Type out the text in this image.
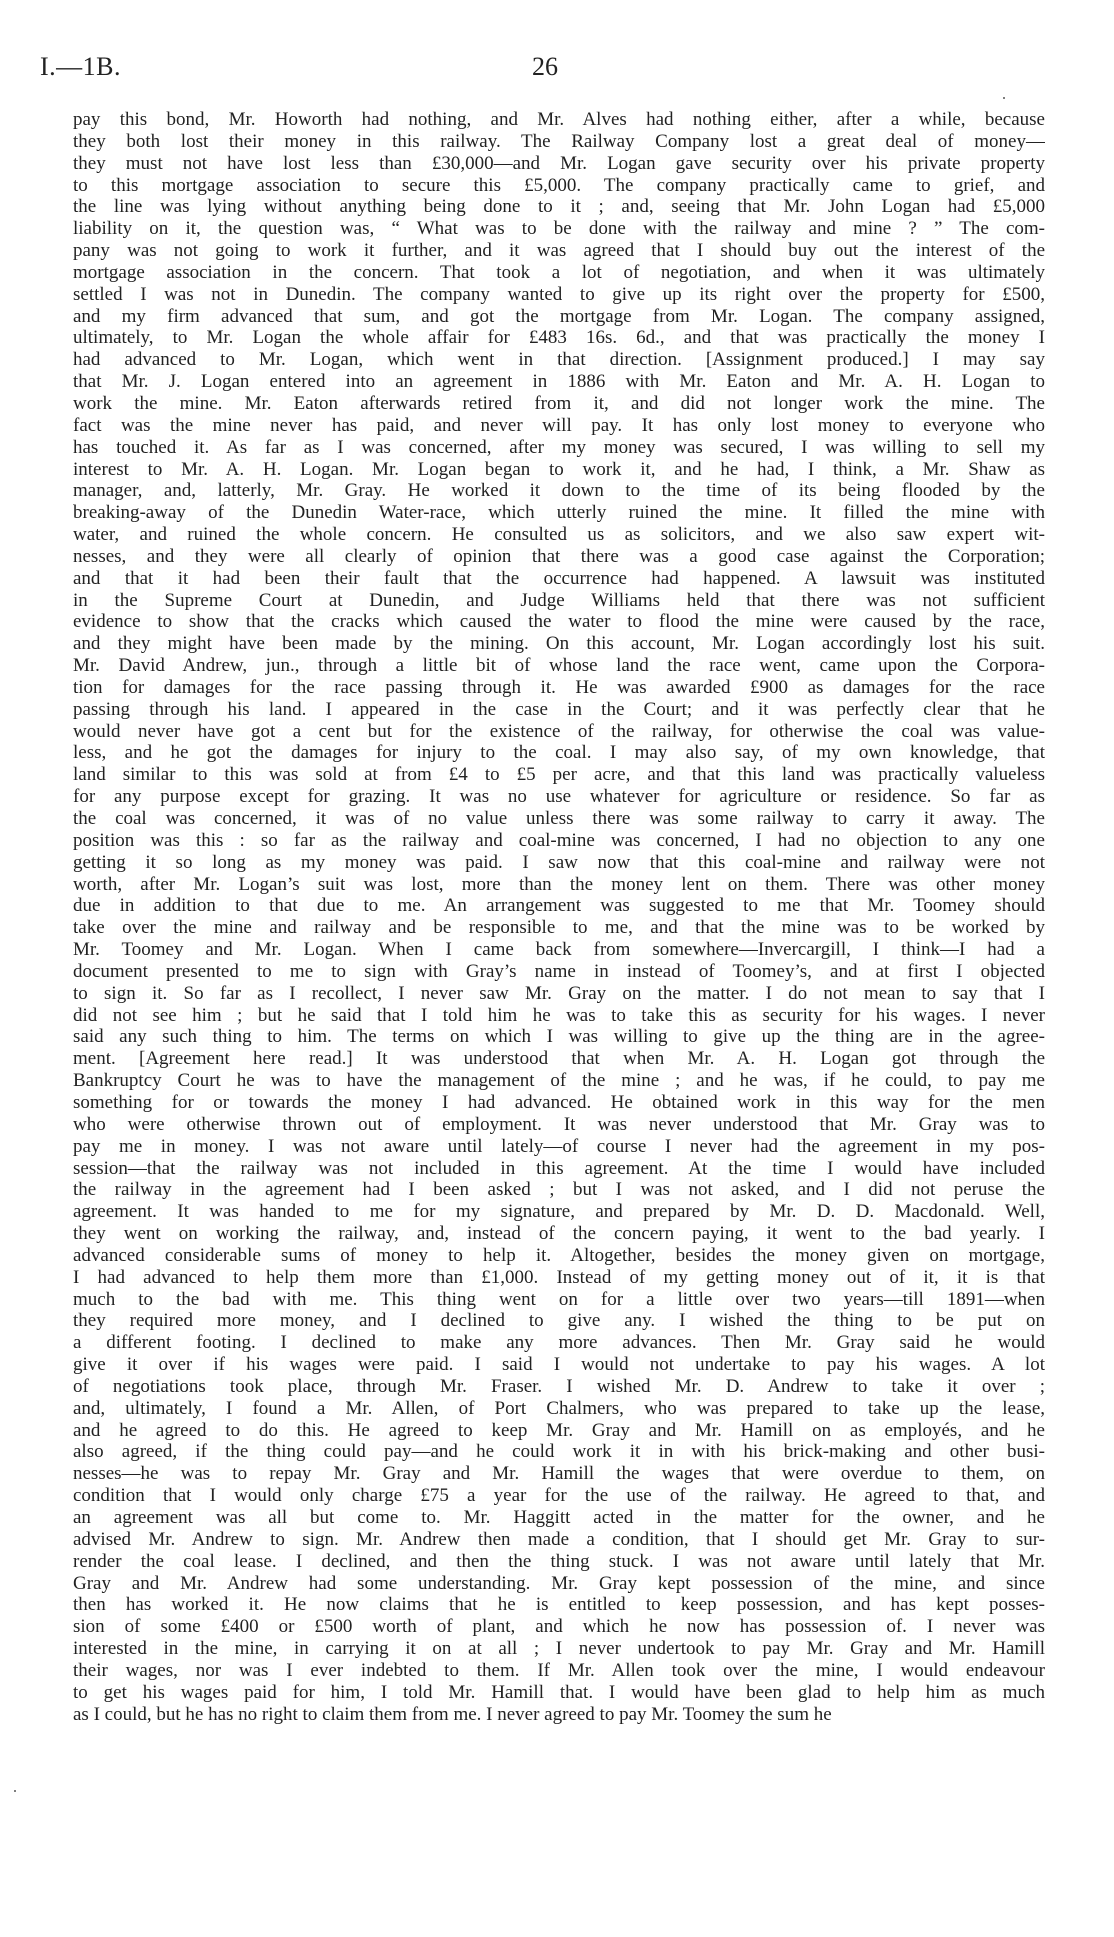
I.—1B.	26
pay this bond, Mr. Howorth had nothing, and Mr. Alves had nothing either, after a while, because
they both lost their money in this railway. The Railway Company lost a great deal of money—
they must not have lost less than £30,000—and Mr. Logan gave security over his private property
to this mortgage association to secure this £5,000. The company practically came to grief, and
the line was lying without anything being done to it ; and, seeing that Mr. John Logan had £5,000
liability on it, the question was, “ What was to be done with the railway and mine ? ” The com-
pany was not going to work it further, and it was agreed that I should buy out the interest of the
mortgage association in the concern. That took a lot of negotiation, and when it was ultimately
settled I was not in Dunedin. The company wanted to give up its right over the property for £500,
and my firm advanced that sum, and got the mortgage from Mr. Logan. The company assigned,
ultimately, to Mr. Logan the whole affair for £483 16s. 6d., and that was practically the money I
had advanced to Mr. Logan, which went in that direction. [Assignment produced.] I may say
that Mr. J. Logan entered into an agreement in 1886 with Mr. Eaton and Mr. A. H. Logan to
work the mine. Mr. Eaton afterwards retired from it, and did not longer work the mine. The
fact was the mine never has paid, and never will pay. It has only lost money to everyone who
has touched it. As far as I was concerned, after my money was secured, I was willing to sell my
interest to Mr. A. H. Logan. Mr. Logan began to work it, and he had, I think, a Mr. Shaw as
manager, and, latterly, Mr. Gray. He worked it down to the time of its being flooded by the
breaking-away of the Dunedin Water-race, which utterly ruined the mine. It filled the mine with
water, and ruined the whole concern. He consulted us as solicitors, and we also saw expert wit-
nesses, and they were all clearly of opinion that there was a good case against the Corporation;
and that it had been their fault that the occurrence had happened. A lawsuit was instituted
in the Supreme Court at Dunedin, and Judge Williams held that there was not sufficient
evidence to show that the cracks which caused the water to flood the mine were caused by the race,
and they might have been made by the mining. On this account, Mr. Logan accordingly lost his suit.
Mr. David Andrew, jun., through a little bit of whose land the race went, came upon the Corpora-
tion for damages for the race passing through it. He was awarded £900 as damages for the race
passing through his land. I appeared in the case in the Court; and it was perfectly clear that he
would never have got a cent but for the existence of the railway, for otherwise the coal was value-
less, and he got the damages for injury to the coal. I may also say, of my own knowledge, that
land similar to this was sold at from £4 to £5 per acre, and that this land was practically valueless
for any purpose except for grazing. It was no use whatever for agriculture or residence. So far as
the coal was concerned, it was of no value unless there was some railway to carry it away. The
position was this : so far as the railway and coal-mine was concerned, I had no objection to any one
getting it so long as my money was paid. I saw now that this coal-mine and railway were not
worth, after Mr. Logan’s suit was lost, more than the money lent on them. There was other money
due in addition to that due to me. An arrangement was suggested to me that Mr. Toomey should
take over the mine and railway and be responsible to me, and that the mine was to be worked by
Mr. Toomey and Mr. Logan. When I came back from somewhere—Invercargill, I think—I had a
document presented to me to sign with Gray’s name in instead of Toomey’s, and at first I objected
to sign it. So far as I recollect, I never saw Mr. Gray on the matter. I do not mean to say that I
did not see him ; but he said that I told him he was to take this as security for his wages. I never
said any such thing to him. The terms on which I was willing to give up the thing are in the agree-
ment. [Agreement here read.] It was understood that when Mr. A. H. Logan got through the
Bankruptcy Court he was to have the management of the mine ; and he was, if he could, to pay me
something for or towards the money I had advanced. He obtained work in this way for the men
who were otherwise thrown out of employment. It was never understood that Mr. Gray was to
pay me in money. I was not aware until lately—of course I never had the agreement in my pos-
session—that the railway was not included in this agreement. At the time I would have included
the railway in the agreement had I been asked ; but I was not asked, and I did not peruse the
agreement. It was handed to me for my signature, and prepared by Mr. D. D. Macdonald. Well,
they went on working the railway, and, instead of the concern paying, it went to the bad yearly. I
advanced considerable sums of money to help it. Altogether, besides the money given on mortgage,
I had advanced to help them more than £1,000. Instead of my getting money out of it, it is that
much to the bad with me. This thing went on for a little over two years—till 1891—when
they required more money, and I declined to give any. I wished the thing to be put on
a different footing. I declined to make any more advances. Then Mr. Gray said he would
give it over if his wages were paid. I said I would not undertake to pay his wages. A lot
of negotiations took place, through Mr. Fraser. I wished Mr. D. Andrew to take it over ;
and, ultimately, I found a Mr. Allen, of Port Chalmers, who was prepared to take up the lease,
and he agreed to do this. He agreed to keep Mr. Gray and Mr. Hamill on as employés, and he
also agreed, if the thing could pay—and he could work it in with his brick-making and other busi-
nesses—he was to repay Mr. Gray and Mr. Hamill the wages that were overdue to them, on
condition that I would only charge £75 a year for the use of the railway. He agreed to that, and
an agreement was all but come to. Mr. Haggitt acted in the matter for the owner, and he
advised Mr. Andrew to sign. Mr. Andrew then made a condition, that I should get Mr. Gray to sur-
render the coal lease. I declined, and then the thing stuck. I was not aware until lately that Mr.
Gray and Mr. Andrew had some understanding. Mr. Gray kept possession of the mine, and since
then has worked it. He now claims that he is entitled to keep possession, and has kept posses-
sion of some £400 or £500 worth of plant, and which he now has possession of. I never was
interested in the mine, in carrying it on at all ; I never undertook to pay Mr. Gray and Mr. Hamill
their wages, nor was I ever indebted to them. If Mr. Allen took over the mine, I would endeavour
to get his wages paid for him, I told Mr. Hamill that. I would have been glad to help him as much
as I could, but he has no right to claim them from me. I never agreed to pay Mr. Toomey the sum he
